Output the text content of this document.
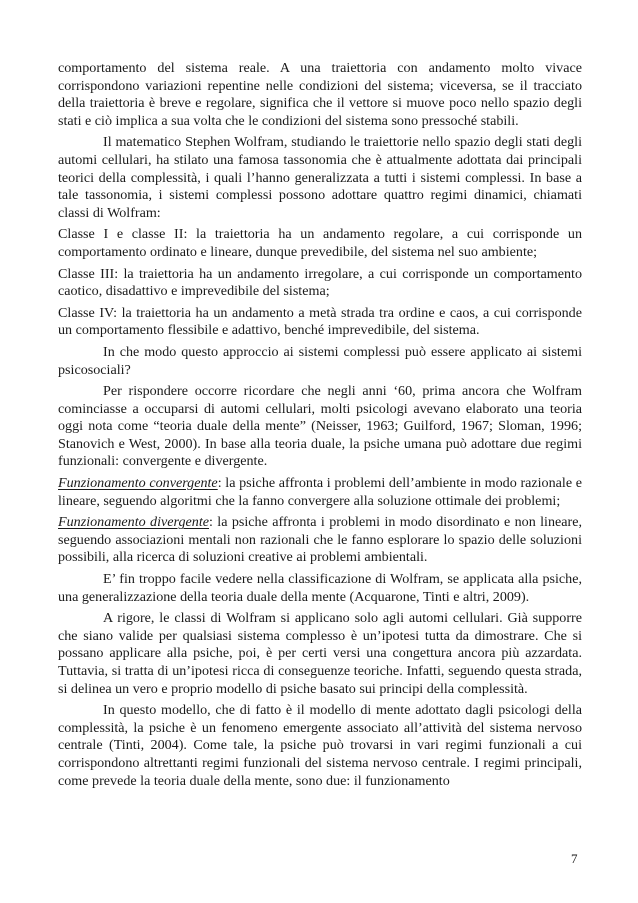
comportamento del sistema reale. A una traiettoria con andamento molto vivace corrispondono variazioni repentine nelle condizioni del sistema; viceversa, se il tracciato della traiettoria è breve e regolare, significa che il vettore si muove poco nello spazio degli stati e ciò implica a sua volta che le condizioni del sistema sono pressoché stabili.

Il matematico Stephen Wolfram, studiando le traiettorie nello spazio degli stati degli automi cellulari, ha stilato una famosa tassonomia che è attualmente adottata dai principali teorici della complessità, i quali l’hanno generalizzata a tutti i sistemi complessi. In base a tale tassonomia, i sistemi complessi possono adottare quattro regimi dinamici, chiamati classi di Wolfram:

Classe I e classe II: la traiettoria ha un andamento regolare, a cui corrisponde un comportamento ordinato e lineare, dunque prevedibile, del sistema nel suo ambiente;

Classe III: la traiettoria ha un andamento irregolare, a cui corrisponde un comportamento caotico, disadattivo e imprevedibile del sistema;

Classe IV: la traiettoria ha un andamento a metà strada tra ordine e caos, a cui corrisponde un comportamento flessibile e adattivo, benché imprevedibile, del sistema.

In che modo questo approccio ai sistemi complessi può essere applicato ai sistemi psicosociali?

Per rispondere occorre ricordare che negli anni ‘60, prima ancora che Wolfram cominciasse a occuparsi di automi cellulari, molti psicologi avevano elaborato una teoria oggi nota come “teoria duale della mente” (Neisser, 1963; Guilford, 1967; Sloman, 1996; Stanovich e West, 2000). In base alla teoria duale, la psiche umana può adottare due regimi funzionali: convergente e divergente.

Funzionamento convergente: la psiche affronta i problemi dell’ambiente in modo razionale e lineare, seguendo algoritmi che la fanno convergere alla soluzione ottimale dei problemi;

Funzionamento divergente: la psiche affronta i problemi in modo disordinato e non lineare, seguendo associazioni mentali non razionali che le fanno esplorare lo spazio delle soluzioni possibili, alla ricerca di soluzioni creative ai problemi ambientali.

E’ fin troppo facile vedere nella classificazione di Wolfram, se applicata alla psiche, una generalizzazione della teoria duale della mente (Acquarone, Tinti e altri, 2009).

A rigore, le classi di Wolfram si applicano solo agli automi cellulari. Già supporre che siano valide per qualsiasi sistema complesso è un’ipotesi tutta da dimostrare. Che si possano applicare alla psiche, poi, è per certi versi una congettura ancora più azzardata. Tuttavia, si tratta di un’ipotesi ricca di conseguenze teoriche. Infatti, seguendo questa strada, si delinea un vero e proprio modello di psiche basato sui principi della complessità.

In questo modello, che di fatto è il modello di mente adottato dagli psicologi della complessità, la psiche è un fenomeno emergente associato all’attività del sistema nervoso centrale (Tinti, 2004). Come tale, la psiche può trovarsi in vari regimi funzionali a cui corrispondono altrettanti regimi funzionali del sistema nervoso centrale. I regimi principali, come prevede la teoria duale della mente, sono due: il funzionamento

7
